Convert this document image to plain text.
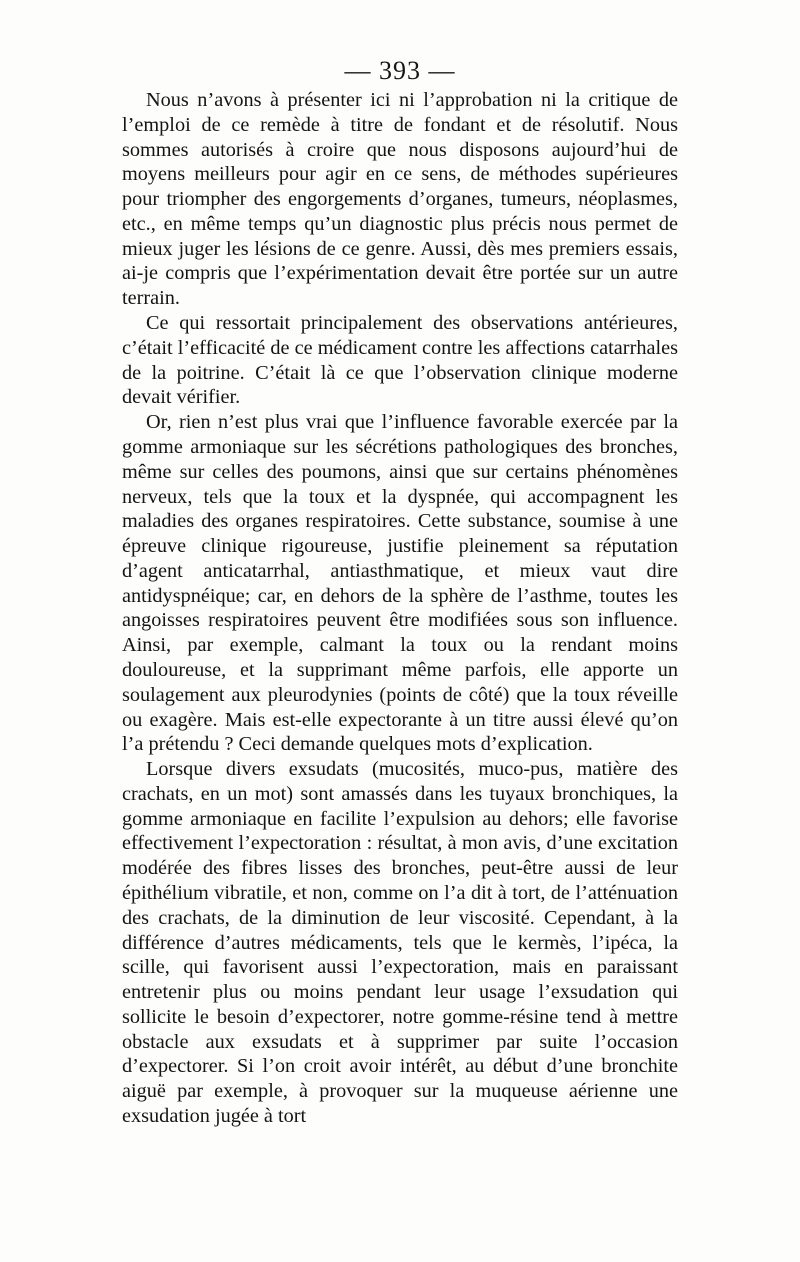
— 393 —

Nous n’avons à présenter ici ni l’approbation ni la critique de l’emploi de ce remède à titre de fondant et de résolutif. Nous sommes autorisés à croire que nous disposons aujourd’hui de moyens meilleurs pour agir en ce sens, de méthodes supérieures pour triompher des engorgements d’organes, tumeurs, néoplasmes, etc., en même temps qu’un diagnostic plus précis nous permet de mieux juger les lésions de ce genre. Aussi, dès mes premiers essais, ai-je compris que l’expérimentation devait être portée sur un autre terrain.

Ce qui ressortait principalement des observations antérieures, c’était l’efficacité de ce médicament contre les affections catarrhales de la poitrine. C’était là ce que l’observation clinique moderne devait vérifier.

Or, rien n’est plus vrai que l’influence favorable exercée par la gomme armoniaque sur les sécrétions pathologiques des bronches, même sur celles des poumons, ainsi que sur certains phénomènes nerveux, tels que la toux et la dyspnée, qui accompagnent les maladies des organes respiratoires. Cette substance, soumise à une épreuve clinique rigoureuse, justifie pleinement sa réputation d’agent anticatarrhal, antiasthmatique, et mieux vaut dire antidyspnéique; car, en dehors de la sphère de l’asthme, toutes les angoisses respiratoires peuvent être modifiées sous son influence. Ainsi, par exemple, calmant la toux ou la rendant moins douloureuse, et la supprimant même parfois, elle apporte un soulagement aux pleurodynies (points de côté) que la toux réveille ou exagère. Mais est-elle expectorante à un titre aussi élevé qu’on l’a prétendu ? Ceci demande quelques mots d’explication.

Lorsque divers exsudats (mucosités, muco-pus, matière des crachats, en un mot) sont amassés dans les tuyaux bronchiques, la gomme armoniaque en facilite l’expulsion au dehors; elle favorise effectivement l’expectoration : résultat, à mon avis, d’une excitation modérée des fibres lisses des bronches, peut-être aussi de leur épithélium vibratile, et non, comme on l’a dit à tort, de l’atténuation des crachats, de la diminution de leur viscosité. Cependant, à la différence d’autres médicaments, tels que le kermès, l’ipéca, la scille, qui favorisent aussi l’expectoration, mais en paraissant entretenir plus ou moins pendant leur usage l’exsudation qui sollicite le besoin d’expectorer, notre gomme-résine tend à mettre obstacle aux exsudats et à supprimer par suite l’occasion d’expectorer. Si l’on croit avoir intérêt, au début d’une bronchite aiguë par exemple, à provoquer sur la muqueuse aérienne une exsudation jugée à tort
